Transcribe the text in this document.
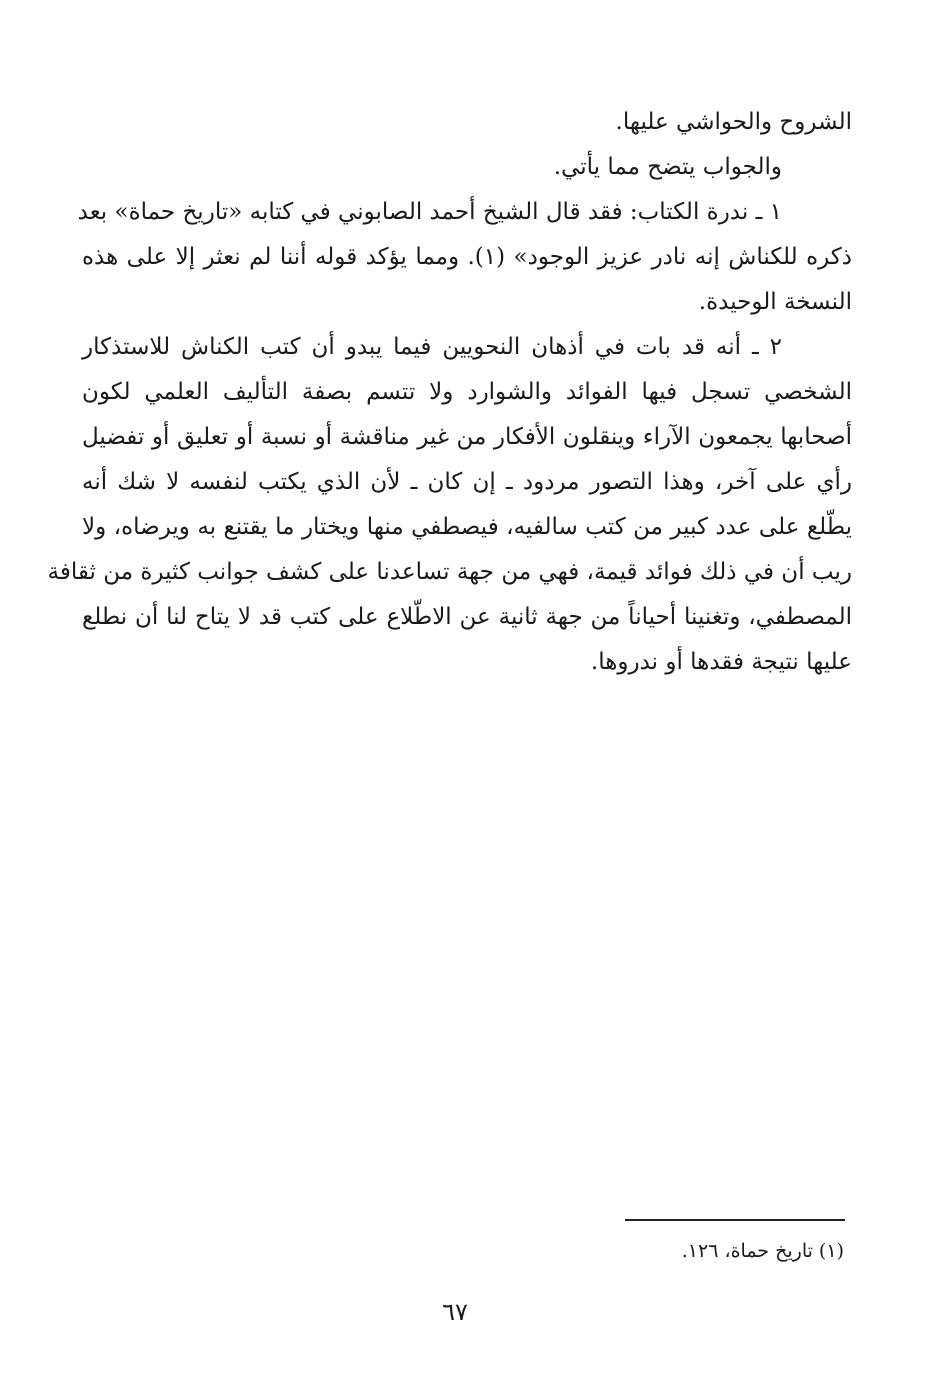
الشروح والحواشي عليها.
والجواب يتضح مما يأتي.
١ ـ ندرة الكتاب: فقد قال الشيخ أحمد الصابوني في كتابه «تاريخ حماة» بعد
ذكره للكناش إنه نادر عزيز الوجود» (١). ومما يؤكد قوله أننا لم نعثر إلا على هذه
النسخة الوحيدة.
٢ ـ أنه قد بات في أذهان النحويين فيما يبدو أن كتب الكناش للاستذكار
الشخصي تسجل فيها الفوائد والشوارد ولا تتسم بصفة التأليف العلمي لكون
أصحابها يجمعون الآراء وينقلون الأفكار من غير مناقشة أو نسبة أو تعليق أو تفضيل
رأي على آخر، وهذا التصور مردود ـ إن كان ـ لأن الذي يكتب لنفسه لا شك أنه
يطّلع على عدد كبير من كتب سالفيه، فيصطفي منها ويختار ما يقتنع به ويرضاه، ولا
ريب أن في ذلك فوائد قيمة، فهي من جهة تساعدنا على كشف جوانب كثيرة من ثقافة
المصطفي، وتغنينا أحياناً من جهة ثانية عن الاطّلاع على كتب قد لا يتاح لنا أن نطلع
عليها نتيجة فقدها أو ندروها.
(١) تاريخ حماة، ١٢٦.
٦٧
